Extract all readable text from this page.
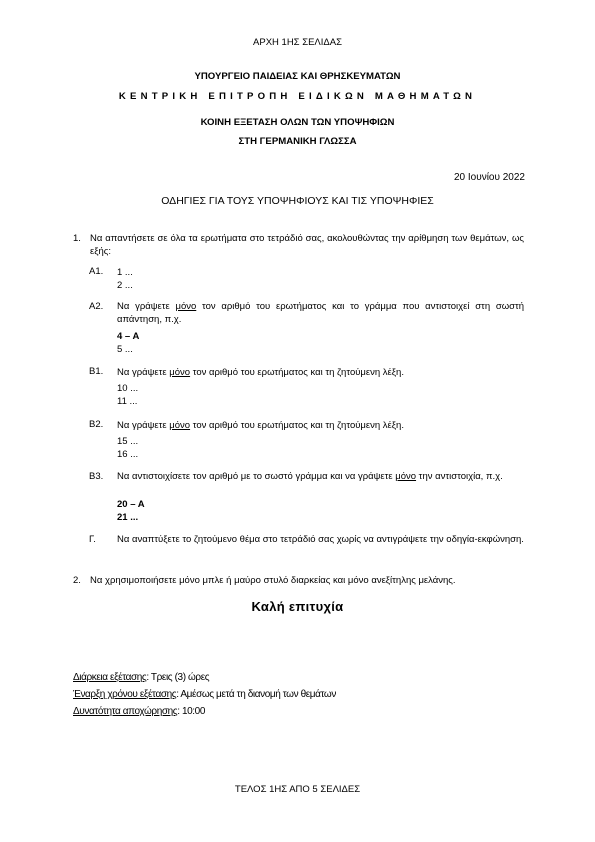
ΑΡΧΗ 1ΗΣ ΣΕΛΙΔΑΣ
ΥΠΟΥΡΓΕΙΟ ΠΑΙΔΕΙΑΣ ΚΑΙ ΘΡΗΣΚΕΥΜΑΤΩΝ
ΚΕΝΤΡΙΚΗ ΕΠΙΤΡΟΠΗ ΕΙΔΙΚΩΝ ΜΑΘΗΜΑΤΩΝ
ΚΟΙΝΗ ΕΞΕΤΑΣΗ ΟΛΩΝ ΤΩΝ ΥΠΟΨΗΦΙΩΝ
ΣΤΗ ΓΕΡΜΑΝΙΚΗ ΓΛΩΣΣΑ
20 Ιουνίου 2022
ΟΔΗΓΙΕΣ ΓΙΑ ΤΟΥΣ ΥΠΟΨΗΦΙΟΥΣ ΚΑΙ ΤΙΣ ΥΠΟΨΗΦΙΕΣ
1. Να απαντήσετε σε όλα τα ερωτήματα στο τετράδιό σας, ακολουθώντας την αρίθμηση των θεμάτων, ως εξής:
Α1. 1 ...
2 ...
Α2. Να γράψετε μόνο τον αριθμό του ερωτήματος και το γράμμα που αντιστοιχεί στη σωστή απάντηση, π.χ.
4 – A
5 ...
Β1. Να γράψετε μόνο τον αριθμό του ερωτήματος και τη ζητούμενη λέξη.
10 ...
11 ...
Β2. Να γράψετε μόνο τον αριθμό του ερωτήματος και τη ζητούμενη λέξη.
15 ...
16 ...
Β3. Να αντιστοιχίσετε τον αριθμό με το σωστό γράμμα και να γράψετε μόνο την αντιστοιχία, π.χ.
20 – A
21 ...
Γ. Να αναπτύξετε το ζητούμενο θέμα στο τετράδιό σας χωρίς να αντιγράψετε την οδηγία-εκφώνηση.
2. Να χρησιμοποιήσετε μόνο μπλε ή μαύρο στυλό διαρκείας και μόνο ανεξίτηλης μελάνης.
Καλή επιτυχία
Διάρκεια εξέτασης: Τρεις (3) ώρες
Έναρξη χρόνου εξέτασης: Αμέσως μετά τη διανομή των θεμάτων
Δυνατότητα αποχώρησης: 10:00
ΤΕΛΟΣ 1ΗΣ ΑΠΟ 5 ΣΕΛΙΔΕΣ
